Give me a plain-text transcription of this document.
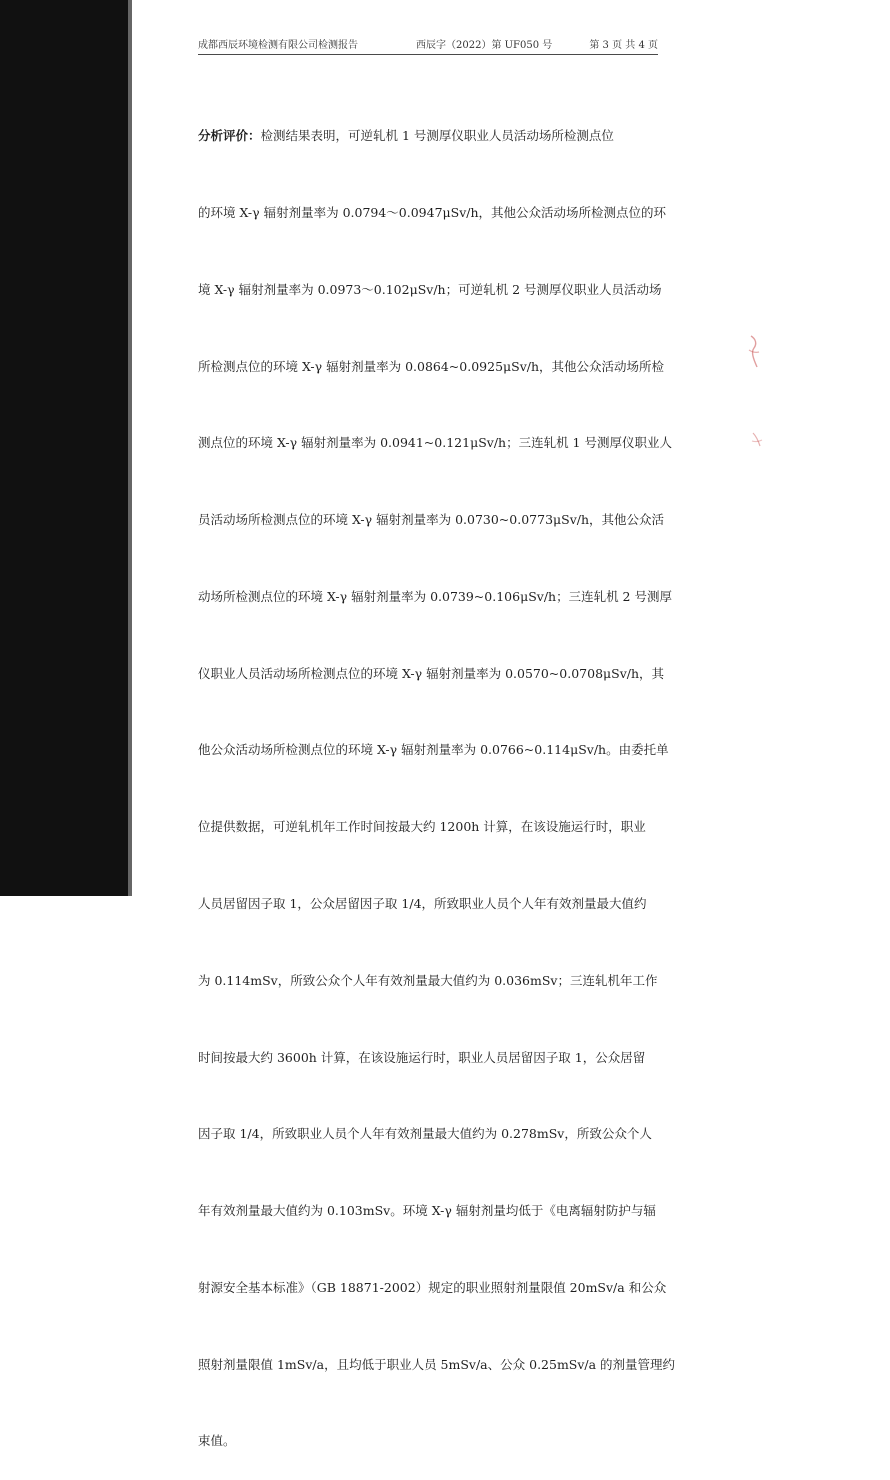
成都西辰环境检测有限公司检测报告	西辰字（2022）第 UF050 号	第 3 页 共 4 页

分析评价：检测结果表明，可逆轧机 1 号测厚仪职业人员活动场所检测点位

的环境 X-γ 辐射剂量率为 0.0794～0.0947μSv/h，其他公众活动场所检测点位的环

境 X-γ 辐射剂量率为 0.0973～0.102μSv/h；可逆轧机 2 号测厚仪职业人员活动场

所检测点位的环境 X-γ 辐射剂量率为 0.0864~0.0925μSv/h，其他公众活动场所检

测点位的环境 X-γ 辐射剂量率为 0.0941~0.121μSv/h；三连轧机 1 号测厚仪职业人

员活动场所检测点位的环境 X-γ 辐射剂量率为 0.0730~0.0773μSv/h，其他公众活

动场所检测点位的环境 X-γ 辐射剂量率为 0.0739~0.106μSv/h；三连轧机 2 号测厚

仪职业人员活动场所检测点位的环境 X-γ 辐射剂量率为 0.0570~0.0708μSv/h，其

他公众活动场所检测点位的环境 X-γ 辐射剂量率为 0.0766~0.114μSv/h。由委托单

位提供数据，可逆轧机年工作时间按最大约 1200h 计算，在该设施运行时，职业

人员居留因子取 1，公众居留因子取 1/4，所致职业人员个人年有效剂量最大值约

为 0.114mSv，所致公众个人年有效剂量最大值约为 0.036mSv；三连轧机年工作

时间按最大约 3600h 计算，在该设施运行时，职业人员居留因子取 1，公众居留

因子取 1/4，所致职业人员个人年有效剂量最大值约为 0.278mSv，所致公众个人

年有效剂量最大值约为 0.103mSv。环境 X-γ 辐射剂量均低于《电离辐射防护与辐

射源安全基本标准》（GB 18871-2002）规定的职业照射剂量限值 20mSv/a 和公众

照射剂量限值 1mSv/a，且均低于职业人员 5mSv/a、公众 0.25mSv/a 的剂量管理约

束值。
